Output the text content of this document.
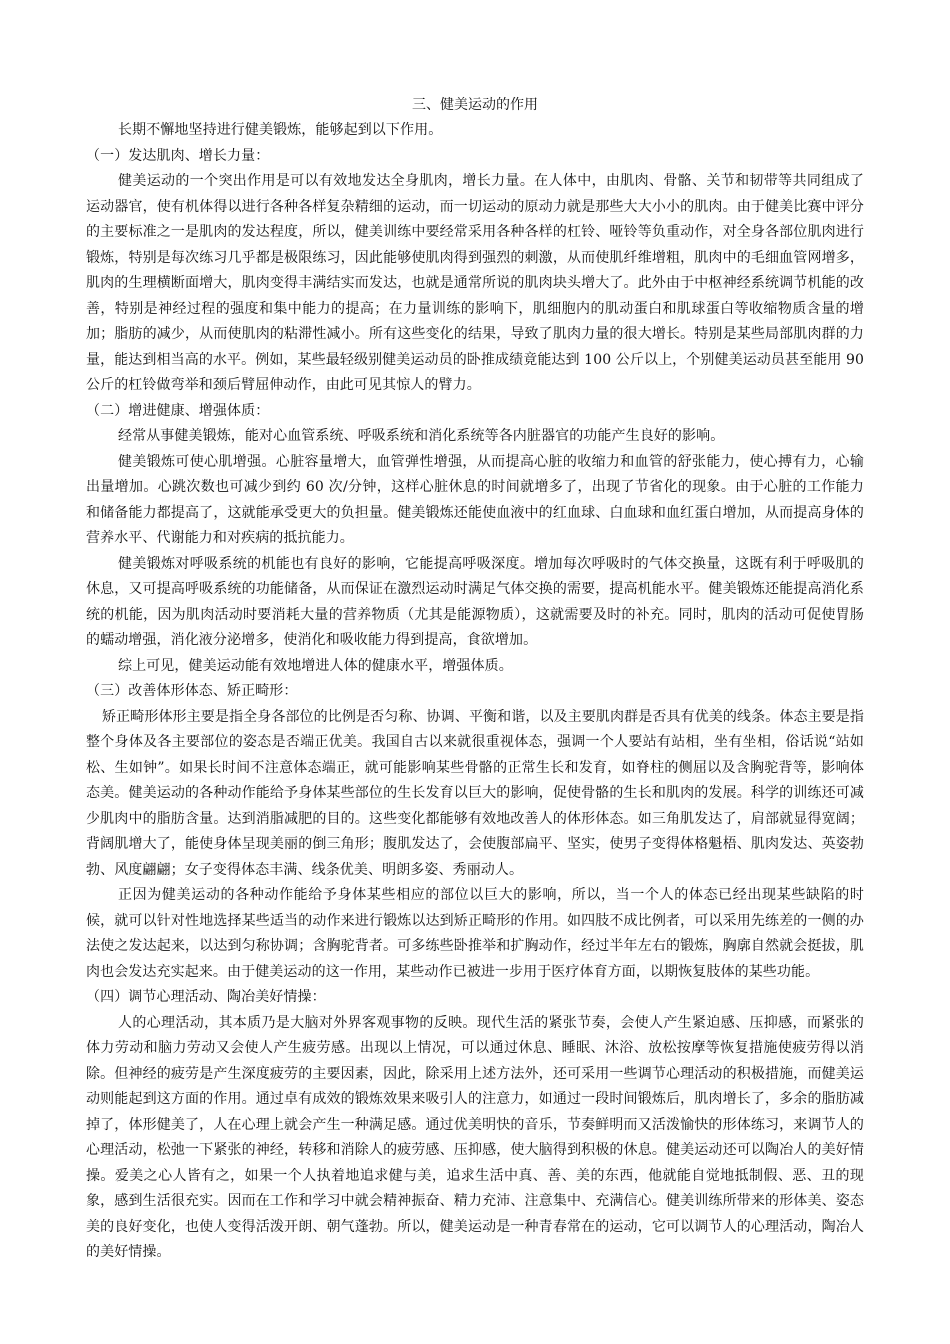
三、健美运动的作用

长期不懈地坚持进行健美锻炼，能够起到以下作用。

（一）发达肌肉、增长力量：

健美运动的一个突出作用是可以有效地发达全身肌肉，增长力量。在人体中，由肌肉、骨骼、关节和韧带等共同组成了运动器官，使有机体得以进行各种各样复杂精细的运动，而一切运动的原动力就是那些大大小小的肌肉。由于健美比赛中评分的主要标准之一是肌肉的发达程度，所以，健美训练中要经常采用各种各样的杠铃、哑铃等负重动作，对全身各部位肌肉进行锻炼，特别是每次练习几乎都是极限练习，因此能够使肌肉得到强烈的刺激，从而使肌纤维增粗，肌肉中的毛细血管网增多，肌肉的生理横断面增大，肌肉变得丰满结实而发达，也就是通常所说的肌肉块头增大了。此外由于中枢神经系统调节机能的改善，特别是神经过程的强度和集中能力的提高；在力量训练的影响下，肌细胞内的肌动蛋白和肌球蛋白等收缩物质含量的增加；脂肪的减少，从而使肌肉的粘滞性减小。所有这些变化的结果，导致了肌肉力量的很大增长。特别是某些局部肌肉群的力量，能达到相当高的水平。例如，某些最轻级别健美运动员的卧推成绩竟能达到 100 公斤以上，个别健美运动员甚至能用 90 公斤的杠铃做弯举和颈后臂屈伸动作，由此可见其惊人的臂力。

（二）增进健康、增强体质：

经常从事健美锻炼，能对心血管系统、呼吸系统和消化系统等各内脏器官的功能产生良好的影响。

健美锻炼可使心肌增强。心脏容量增大，血管弹性增强，从而提高心脏的收缩力和血管的舒张能力，使心搏有力，心输出量增加。心跳次数也可减少到约 60 次/分钟，这样心脏休息的时间就增多了，出现了节省化的现象。由于心脏的工作能力和储备能力都提高了，这就能承受更大的负担量。健美锻炼还能使血液中的红血球、白血球和血红蛋白增加，从而提高身体的营养水平、代谢能力和对疾病的抵抗能力。

健美锻炼对呼吸系统的机能也有良好的影响，它能提高呼吸深度。增加每次呼吸时的气体交换量，这既有利于呼吸肌的休息，又可提高呼吸系统的功能储备，从而保证在激烈运动时满足气体交换的需要，提高机能水平。健美锻炼还能提高消化系统的机能，因为肌肉活动时要消耗大量的营养物质（尤其是能源物质），这就需要及时的补充。同时，肌肉的活动可促使胃肠的蠕动增强，消化液分泌增多，使消化和吸收能力得到提高，食欲增加。

综上可见，健美运动能有效地增进人体的健康水平，增强体质。

（三）改善体形体态、矫正畸形：

矫正畸形体形主要是指全身各部位的比例是否匀称、协调、平衡和谐，以及主要肌肉群是否具有优美的线条。体态主要是指整个身体及各主要部位的姿态是否端正优美。我国自古以来就很重视体态，强调一个人要站有站相，坐有坐相，俗话说“站如松、生如钟”。如果长时间不注意体态端正，就可能影响某些骨骼的正常生长和发育，如脊柱的侧屈以及含胸驼背等，影响体态美。健美运动的各种动作能给予身体某些部位的生长发育以巨大的影响，促使骨骼的生长和肌肉的发展。科学的训练还可减少肌肉中的脂肪含量。达到消脂减肥的目的。这些变化都能够有效地改善人的体形体态。如三角肌发达了，肩部就显得宽阔；背阔肌增大了，能使身体呈现美丽的倒三角形；腹肌发达了，会使腹部扁平、坚实，使男子变得体格魁梧、肌肉发达、英姿勃勃、风度翩翩；女子变得体态丰满、线条优美、明朗多姿、秀丽动人。

正因为健美运动的各种动作能给予身体某些相应的部位以巨大的影响，所以，当一个人的体态已经出现某些缺陷的时候，就可以针对性地选择某些适当的动作来进行锻炼以达到矫正畸形的作用。如四肢不成比例者，可以采用先练差的一侧的办法使之发达起来，以达到匀称协调；含胸驼背者。可多练些卧推举和扩胸动作，经过半年左右的锻炼，胸廓自然就会挺拔，肌肉也会发达充实起来。由于健美运动的这一作用，某些动作已被进一步用于医疗体育方面，以期恢复肢体的某些功能。

（四）调节心理活动、陶冶美好情操：

人的心理活动，其本质乃是大脑对外界客观事物的反映。现代生活的紧张节奏，会使人产生紧迫感、压抑感，而紧张的体力劳动和脑力劳动又会使人产生疲劳感。出现以上情况，可以通过休息、睡眠、沐浴、放松按摩等恢复措施使疲劳得以消除。但神经的疲劳是产生深度疲劳的主要因素，因此，除采用上述方法外，还可采用一些调节心理活动的积极措施，而健美运动则能起到这方面的作用。通过卓有成效的锻炼效果来吸引人的注意力，如通过一段时间锻炼后，肌肉增长了，多余的脂肪减掉了，体形健美了，人在心理上就会产生一种满足感。通过优美明快的音乐，节奏鲜明而又活泼愉快的形体练习，来调节人的心理活动，松弛一下紧张的神经，转移和消除人的疲劳感、压抑感，使大脑得到积极的休息。健美运动还可以陶冶人的美好情操。爱美之心人皆有之，如果一个人执着地追求健与美，追求生活中真、善、美的东西，他就能自觉地抵制假、恶、丑的现象，感到生活很充实。因而在工作和学习中就会精神振奋、精力充沛、注意集中、充满信心。健美训练所带来的形体美、姿态美的良好变化，也使人变得活泼开朗、朝气蓬勃。所以，健美运动是一种青春常在的运动，它可以调节人的心理活动，陶冶人的美好情操。
